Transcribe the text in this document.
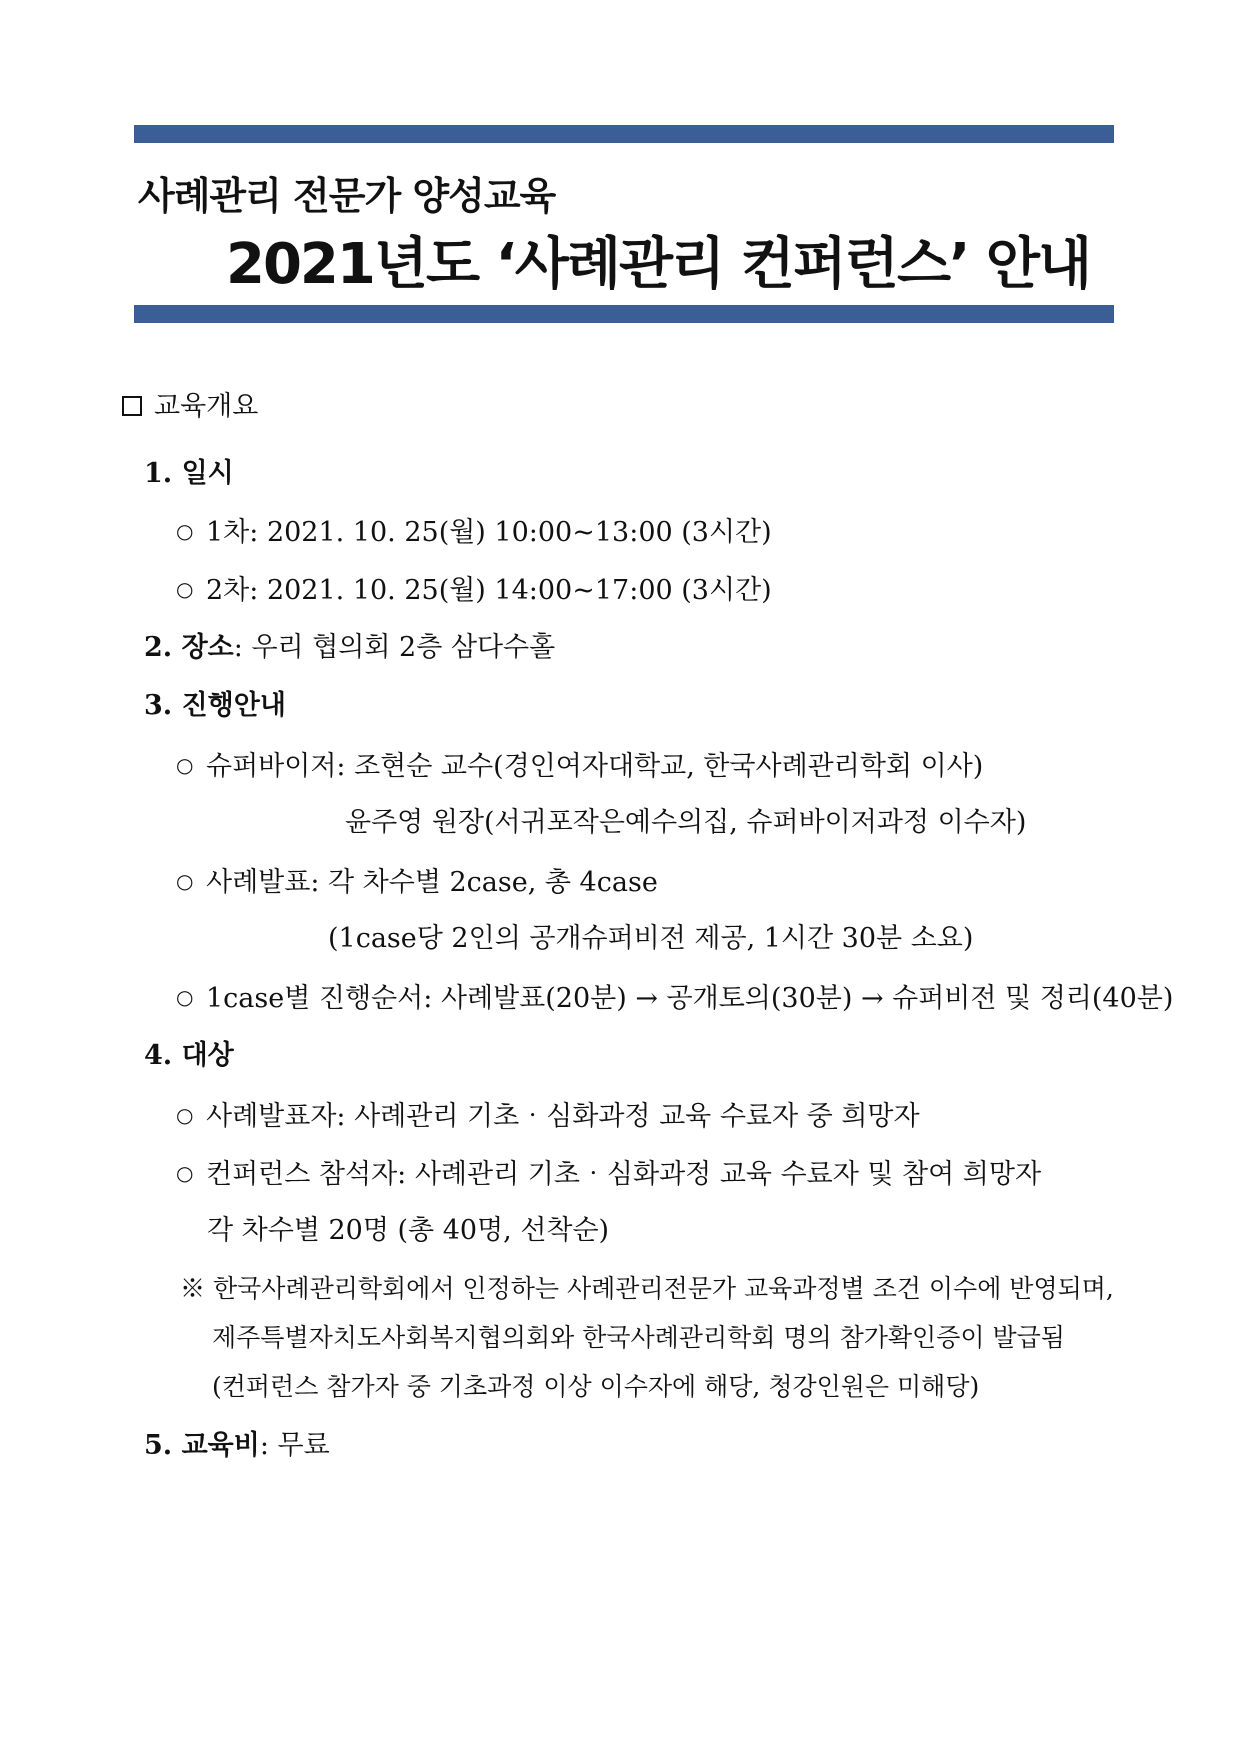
사례관리 전문가 양성교육
2021년도 ‘사례관리 컨퍼런스’ 안내
교육개요
1. 일시
○ 1차: 2021. 10. 25(월) 10:00~13:00 (3시간)
○ 2차: 2021. 10. 25(월) 14:00~17:00 (3시간)
2. 장소: 우리 협의회 2층 삼다수홀
3. 진행안내
○ 슈퍼바이저: 조현순 교수(경인여자대학교, 한국사례관리학회 이사)
윤주영 원장(서귀포작은예수의집, 슈퍼바이저과정 이수자)
○ 사례발표: 각 차수별 2case, 총 4case
(1case당 2인의 공개슈퍼비전 제공, 1시간 30분 소요)
○ 1case별 진행순서: 사례발표(20분) → 공개토의(30분) → 슈퍼비전 및 정리(40분)
4. 대상
○ 사례발표자: 사례관리 기초‧심화과정 교육 수료자 중 희망자
○ 컨퍼런스 참석자: 사례관리 기초‧심화과정 교육 수료자 및 참여 희망자
각 차수별 20명 (총 40명, 선착순)
※ 한국사례관리학회에서 인정하는 사례관리전문가 교육과정별 조건 이수에 반영되며,
제주특별자치도사회복지협의회와 한국사례관리학회 명의 참가확인증이 발급됨
(컨퍼런스 참가자 중 기초과정 이상 이수자에 해당, 청강인원은 미해당)
5. 교육비: 무료
